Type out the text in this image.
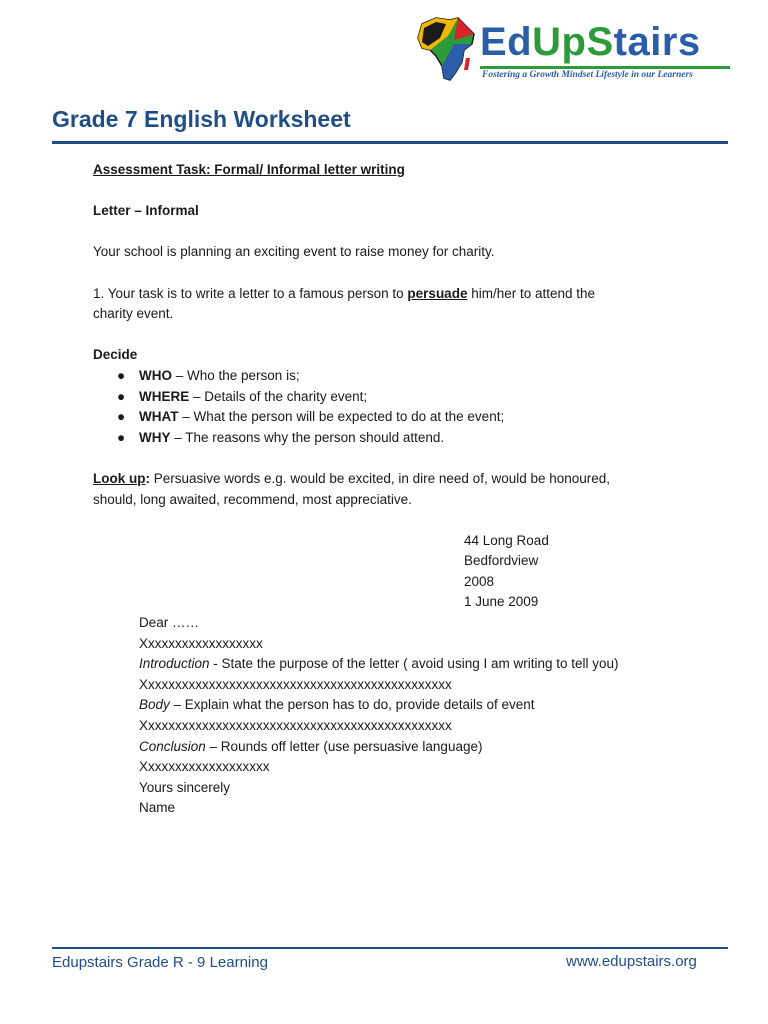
EdUpStairs
Fostering a Growth Mindset Lifestyle in our Learners
Grade 7 English Worksheet

Assessment Task: Formal/ Informal letter writing

Letter – Informal

Your school is planning an exciting event to raise money for charity.

1. Your task is to write a letter to a famous person to persuade him/her to attend the
charity event.

Decide

● WHO – Who the person is;
● WHERE – Details of the charity event;
● WHAT – What the person will be expected to do at the event;
● WHY – The reasons why the person should attend.

Look up: Persuasive words e.g. would be excited, in dire need of, would be honoured,
should, long awaited, recommend, most appreciative.

44 Long Road

Bedfordview

2008

1 June 2009

Dear ……

Xxxxxxxxxxxxxxxxxx

Introduction - State the purpose of the letter ( avoid using I am writing to tell you)

Xxxxxxxxxxxxxxxxxxxxxxxxxxxxxxxxxxxxxxxxxxxxxx

Body – Explain what the person has to do, provide details of event

Xxxxxxxxxxxxxxxxxxxxxxxxxxxxxxxxxxxxxxxxxxxxxx

Conclusion – Rounds off letter (use persuasive language)

Xxxxxxxxxxxxxxxxxxx

Yours sincerely

Name

Edupstairs Grade R - 9 Learning	www.edupstairs.org
